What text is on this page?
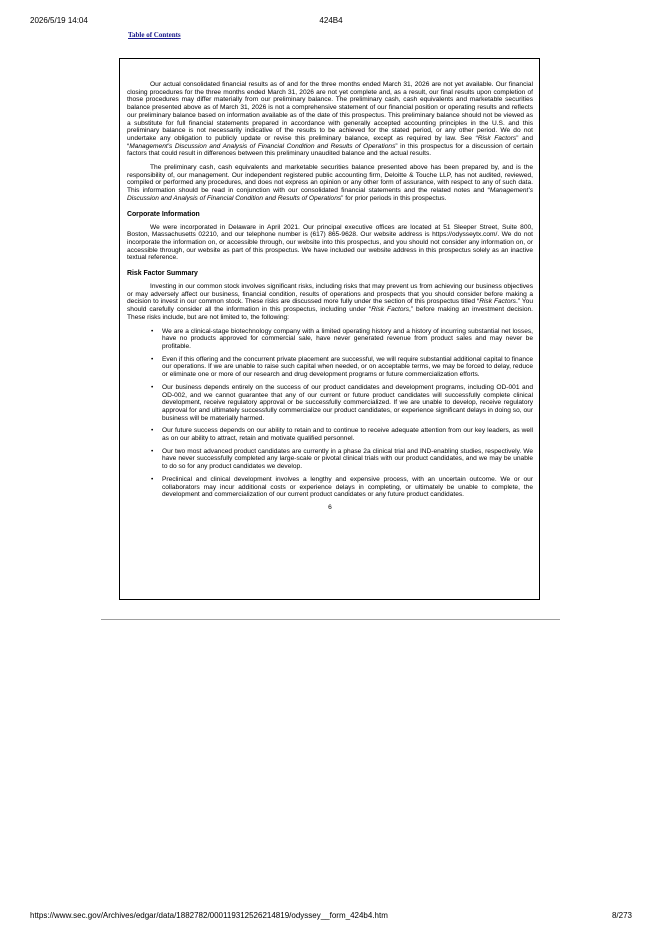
424B4
2026/5/19 14:04
Table of Contents

Our actual consolidated financial results as of and for the three months ended March 31, 2026 are not yet available. Our financial closing procedures for the three months ended March 31, 2026 are not yet complete and, as a result, our final results upon completion of those procedures may differ materially from our preliminary balance. The preliminary cash, cash equivalents and marketable securities balance presented above as of March 31, 2026 is not a comprehensive statement of our financial position or operating results and reflects our preliminary balance based on information available as of the date of this prospectus. This preliminary balance should not be viewed as a substitute for full financial statements prepared in accordance with generally accepted accounting principles in the U.S. and this preliminary balance is not necessarily indicative of the results to be achieved for the stated period, or any other period. We do not undertake any obligation to publicly update or revise this preliminary balance, except as required by law. See “Risk Factors” and “Management’s Discussion and Analysis of Financial Condition and Results of Operations” in this prospectus for a discussion of certain factors that could result in differences between this preliminary unaudited balance and the actual results.

The preliminary cash, cash equivalents and marketable securities balance presented above has been prepared by, and is the responsibility of, our management. Our independent registered public accounting firm, Deloitte & Touche LLP, has not audited, reviewed, compiled or performed any procedures, and does not express an opinion or any other form of assurance, with respect to any of such data. This information should be read in conjunction with our consolidated financial statements and the related notes and “Management’s Discussion and Analysis of Financial Condition and Results of Operations” for prior periods in this prospectus.

Corporate Information

We were incorporated in Delaware in April 2021. Our principal executive offices are located at 51 Sleeper Street, Suite 800, Boston, Massachusetts 02210, and our telephone number is (617) 865-9628. Our website address is https://odysseytx.com/. We do not incorporate the information on, or accessible through, our website into this prospectus, and you should not consider any information on, or accessible through, our website as part of this prospectus. We have included our website address in this prospectus solely as an inactive textual reference.

Risk Factor Summary

Investing in our common stock involves significant risks, including risks that may prevent us from achieving our business objectives or may adversely affect our business, financial condition, results of operations and prospects that you should consider before making a decision to invest in our common stock. These risks are discussed more fully under the section of this prospectus titled “Risk Factors.” You should carefully consider all the information in this prospectus, including under “Risk Factors,” before making an investment decision. These risks include, but are not limited to, the following:

• We are a clinical-stage biotechnology company with a limited operating history and a history of incurring substantial net losses, have no products approved for commercial sale, have never generated revenue from product sales and may never be profitable.
• Even if this offering and the concurrent private placement are successful, we will require substantial additional capital to finance our operations. If we are unable to raise such capital when needed, or on acceptable terms, we may be forced to delay, reduce or eliminate one or more of our research and drug development programs or future commercialization efforts.
• Our business depends entirely on the success of our product candidates and development programs, including OD-001 and OD-002, and we cannot guarantee that any of our current or future product candidates will successfully complete clinical development, receive regulatory approval or be successfully commercialized. If we are unable to develop, receive regulatory approval for and ultimately successfully commercialize our product candidates, or experience significant delays in doing so, our business will be materially harmed.
• Our future success depends on our ability to retain and to continue to receive adequate attention from our key leaders, as well as on our ability to attract, retain and motivate qualified personnel.
• Our two most advanced product candidates are currently in a phase 2a clinical trial and IND-enabling studies, respectively. We have never successfully completed any large-scale or pivotal clinical trials with our product candidates, and we may be unable to do so for any product candidates we develop.
• Preclinical and clinical development involves a lengthy and expensive process, with an uncertain outcome. We or our collaborators may incur additional costs or experience delays in completing, or ultimately be unable to complete, the development and commercialization of our current product candidates or any future product candidates.
6
https://www.sec.gov/Archives/edgar/data/1882782/000119312526214819/odyssey__form_424b4.htm	8/273
